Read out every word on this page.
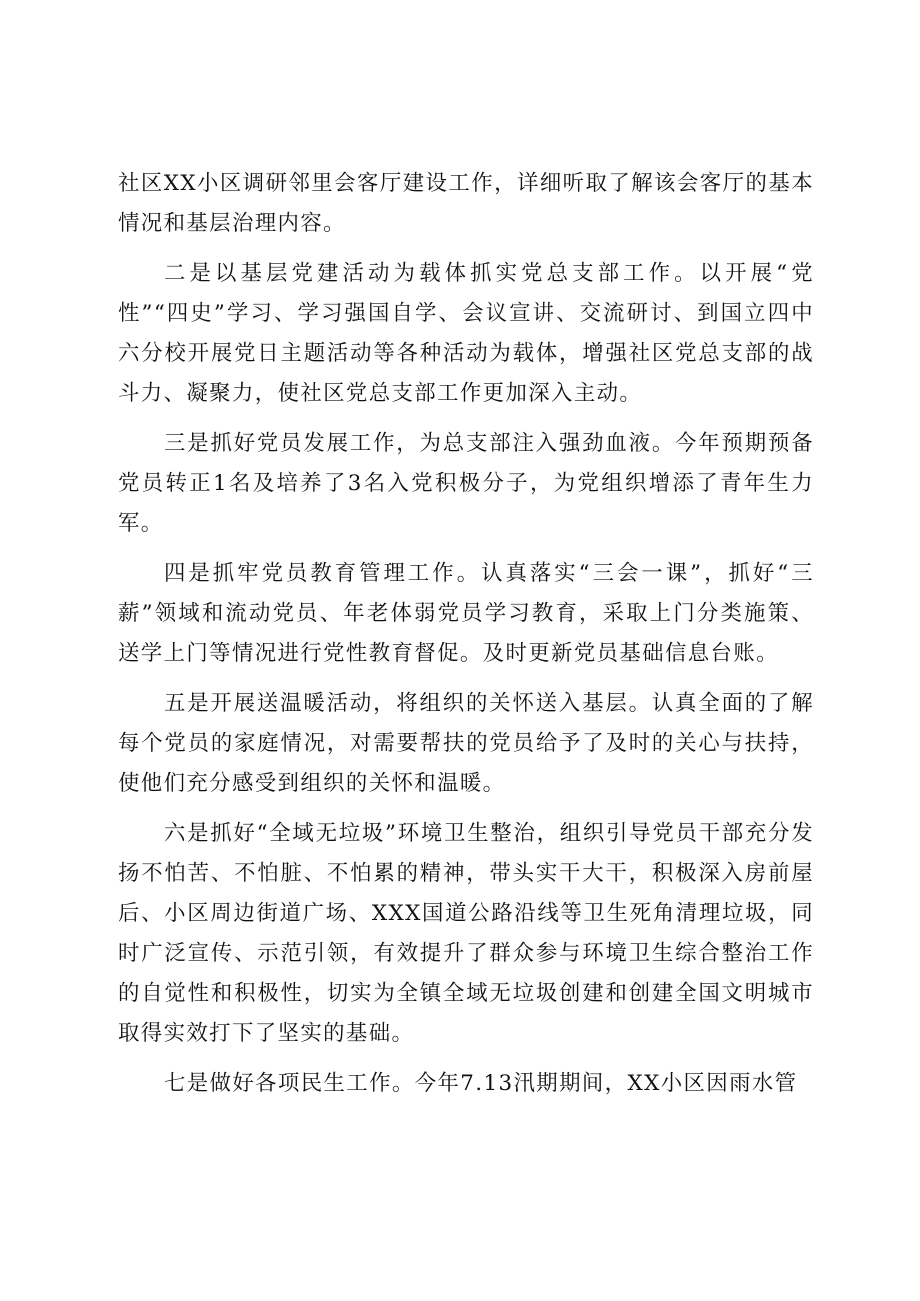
社区XX小区调研邻里会客厅建设工作，详细听取了解该会客厅的基本情况和基层治理内容。

二是以基层党建活动为载体抓实党总支部工作。以开展“党性”“四史”学习、学习强国自学、会议宣讲、交流研讨、到国立四中六分校开展党日主题活动等各种活动为载体，增强社区党总支部的战斗力、凝聚力，使社区党总支部工作更加深入主动。

三是抓好党员发展工作，为总支部注入强劲血液。今年预期预备党员转正1名及培养了3名入党积极分子，为党组织增添了青年生力军。

四是抓牢党员教育管理工作。认真落实“三会一课”，抓好“三薪”领域和流动党员、年老体弱党员学习教育，采取上门分类施策、送学上门等情况进行党性教育督促。及时更新党员基础信息台账。

五是开展送温暖活动，将组织的关怀送入基层。认真全面的了解每个党员的家庭情况，对需要帮扶的党员给予了及时的关心与扶持，使他们充分感受到组织的关怀和温暖。

六是抓好“全域无垃圾”环境卫生整治，组织引导党员干部充分发扬不怕苦、不怕脏、不怕累的精神，带头实干大干，积极深入房前屋后、小区周边街道广场、XXX国道公路沿线等卫生死角清理垃圾，同时广泛宣传、示范引领，有效提升了群众参与环境卫生综合整治工作的自觉性和积极性，切实为全镇全域无垃圾创建和创建全国文明城市取得实效打下了坚实的基础。

七是做好各项民生工作。今年7.13汛期期间，XX小区因雨水管
